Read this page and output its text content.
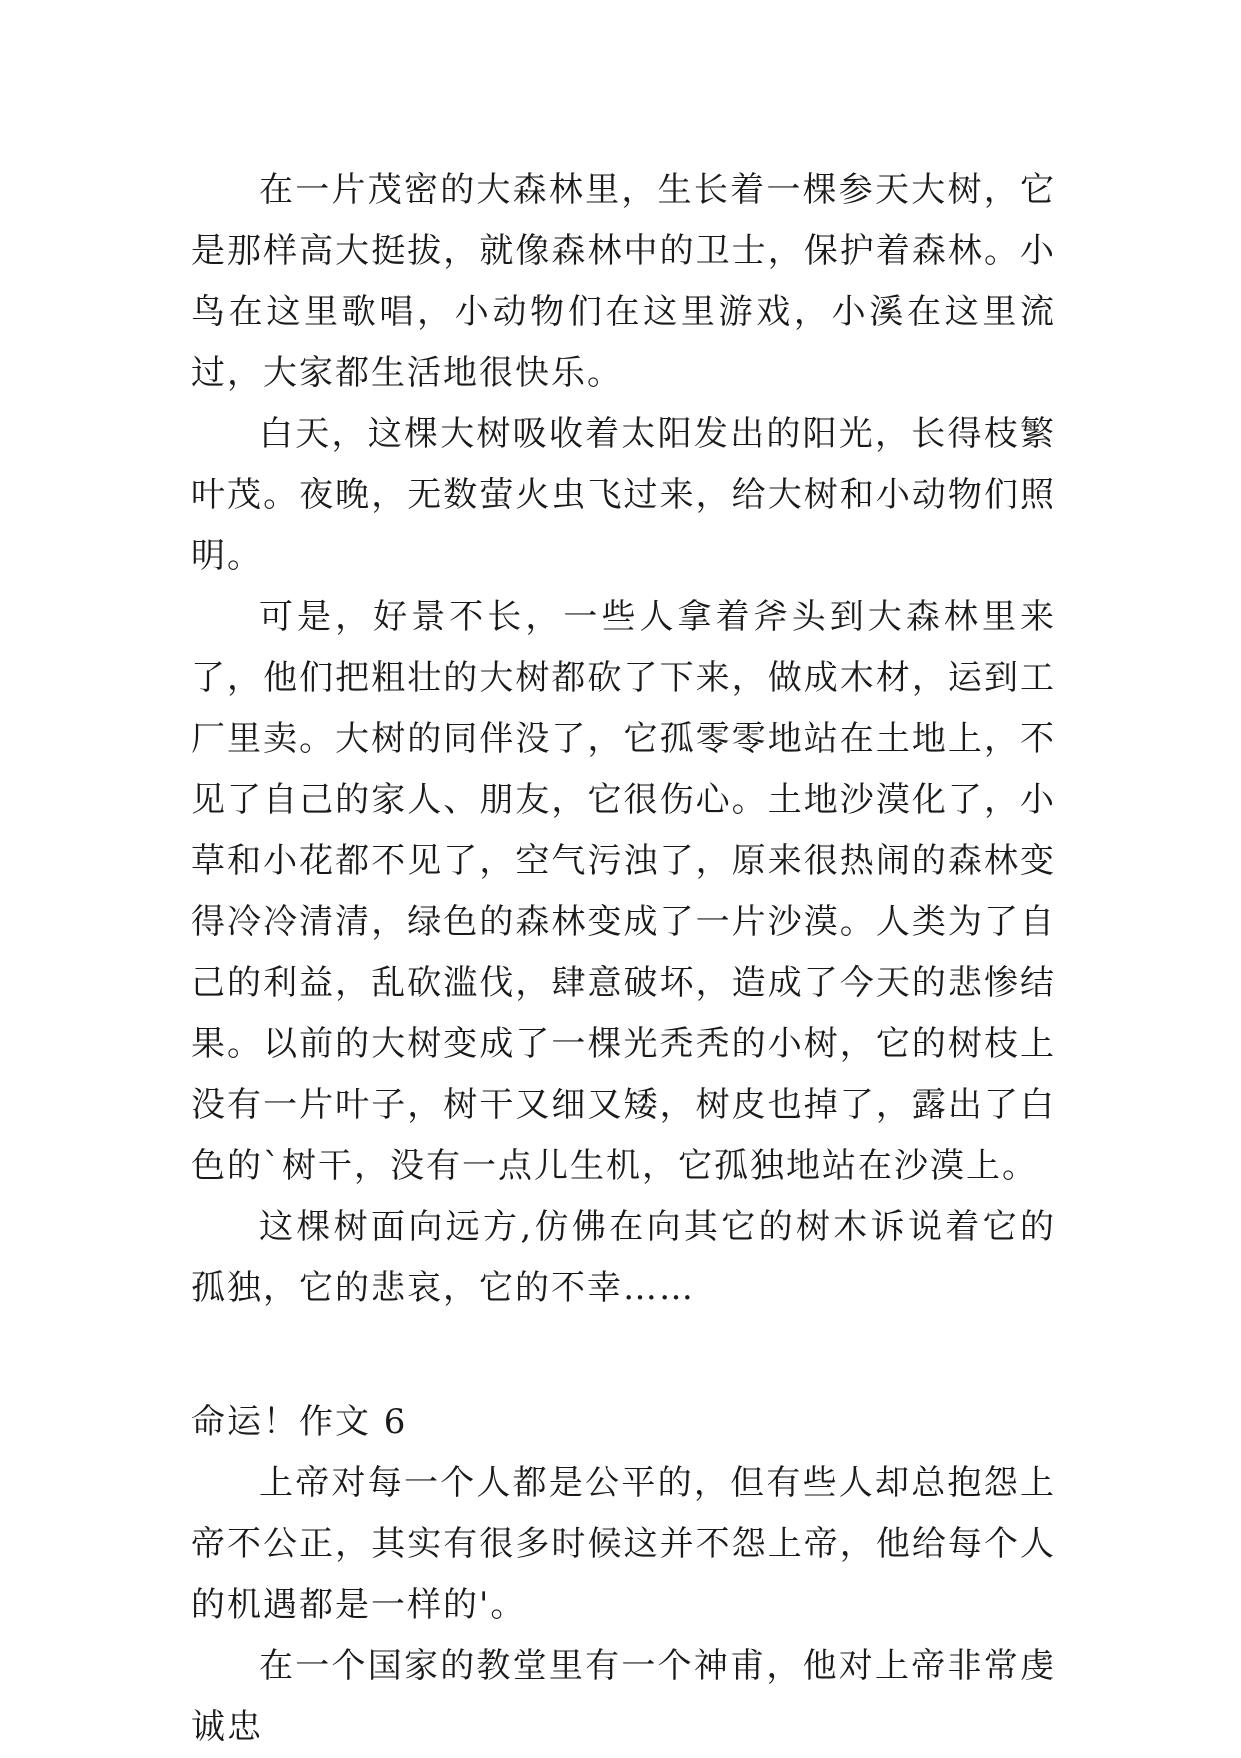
在一片茂密的大森林里，生长着一棵参天大树，它是那样高大挺拔，就像森林中的卫士，保护着森林。小鸟在这里歌唱，小动物们在这里游戏，小溪在这里流过，大家都生活地很快乐。

白天，这棵大树吸收着太阳发出的阳光，长得枝繁叶茂。夜晚，无数萤火虫飞过来，给大树和小动物们照明。

可是，好景不长，一些人拿着斧头到大森林里来了，他们把粗壮的大树都砍了下来，做成木材，运到工厂里卖。大树的同伴没了，它孤零零地站在土地上，不见了自己的家人、朋友，它很伤心。土地沙漠化了，小草和小花都不见了，空气污浊了，原来很热闹的森林变得冷冷清清，绿色的森林变成了一片沙漠。人类为了自己的利益，乱砍滥伐，肆意破坏，造成了今天的悲惨结果。以前的大树变成了一棵光秃秃的小树，它的树枝上没有一片叶子，树干又细又矮，树皮也掉了，露出了白色的`树干，没有一点儿生机，它孤独地站在沙漠上。

这棵树面向远方,仿佛在向其它的树木诉说着它的孤独，它的悲哀，它的不幸……

命运！作文 6

上帝对每一个人都是公平的，但有些人却总抱怨上帝不公正，其实有很多时候这并不怨上帝，他给每个人的机遇都是一样的'。

在一个国家的教堂里有一个神甫，他对上帝非常虔诚忠
